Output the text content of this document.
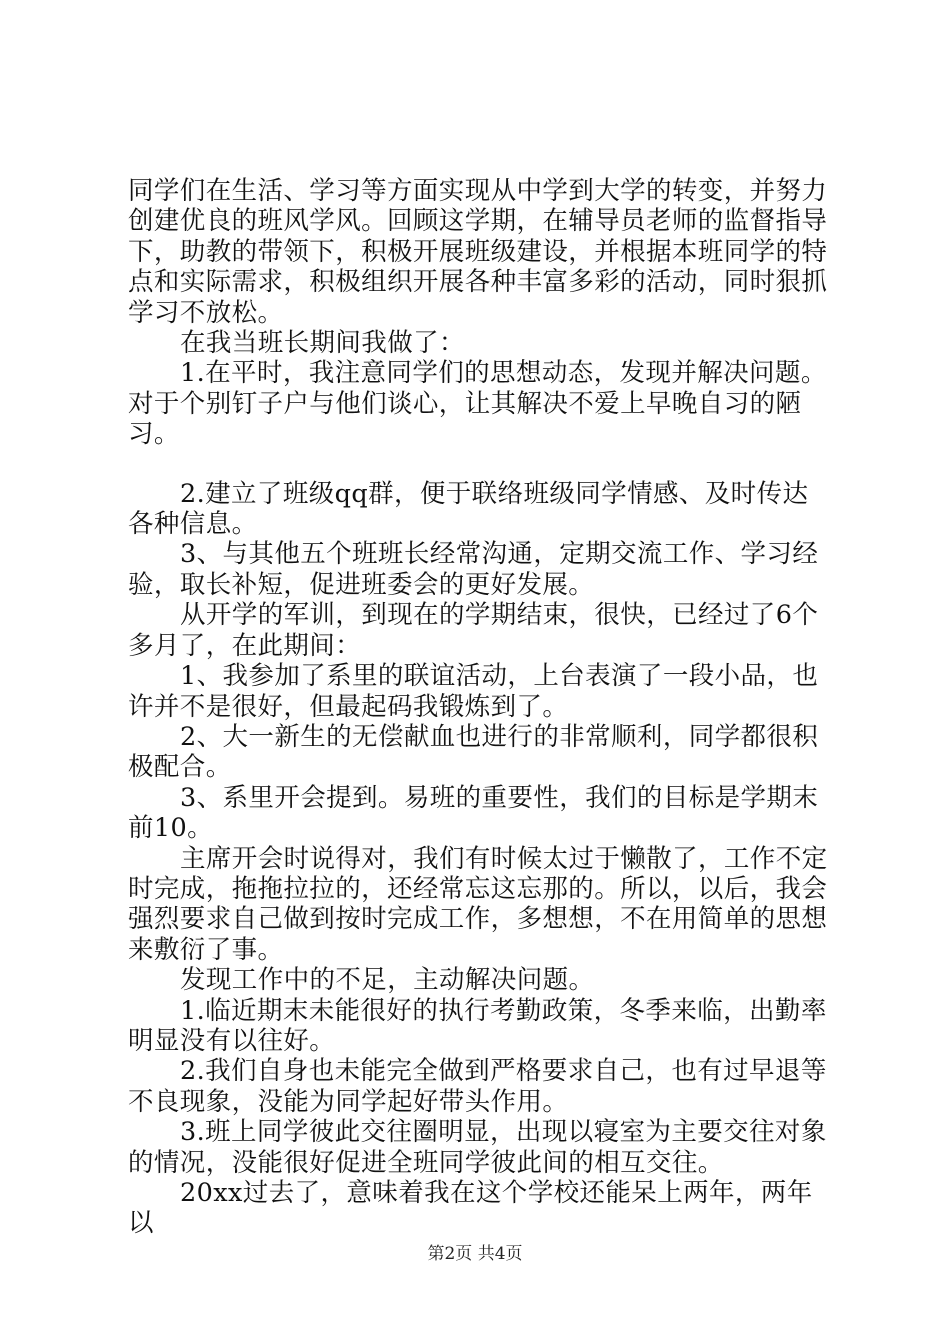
同学们在生活、学习等方面实现从中学到大学的转变，并努力创建优良的班风学风。回顾这学期，在辅导员老师的监督指导下，助教的带领下，积极开展班级建设，并根据本班同学的特点和实际需求，积极组织开展各种丰富多彩的活动，同时狠抓学习不放松。

在我当班长期间我做了：

1.在平时，我注意同学们的思想动态，发现并解决问题。对于个别钉子户与他们谈心，让其解决不爱上早晚自习的陋习。

2.建立了班级qq群，便于联络班级同学情感、及时传达各种信息。

3、与其他五个班班长经常沟通，定期交流工作、学习经验，取长补短，促进班委会的更好发展。

从开学的军训，到现在的学期结束，很快，已经过了6个多月了，在此期间：

1、我参加了系里的联谊活动，上台表演了一段小品，也许并不是很好，但最起码我锻炼到了。

2、大一新生的无偿献血也进行的非常顺利，同学都很积极配合。

3、系里开会提到。易班的重要性，我们的目标是学期末前10。

主席开会时说得对，我们有时候太过于懒散了，工作不定时完成，拖拖拉拉的，还经常忘这忘那的。所以，以后，我会强烈要求自己做到按时完成工作，多想想，不在用简单的思想来敷衍了事。

发现工作中的不足，主动解决问题。

1.临近期末未能很好的执行考勤政策，冬季来临，出勤率明显没有以往好。

2.我们自身也未能完全做到严格要求自己，也有过早退等不良现象，没能为同学起好带头作用。

3.班上同学彼此交往圈明显，出现以寝室为主要交往对象的情况，没能很好促进全班同学彼此间的相互交往。

20xx过去了，意味着我在这个学校还能呆上两年，两年以

第2页 共4页
